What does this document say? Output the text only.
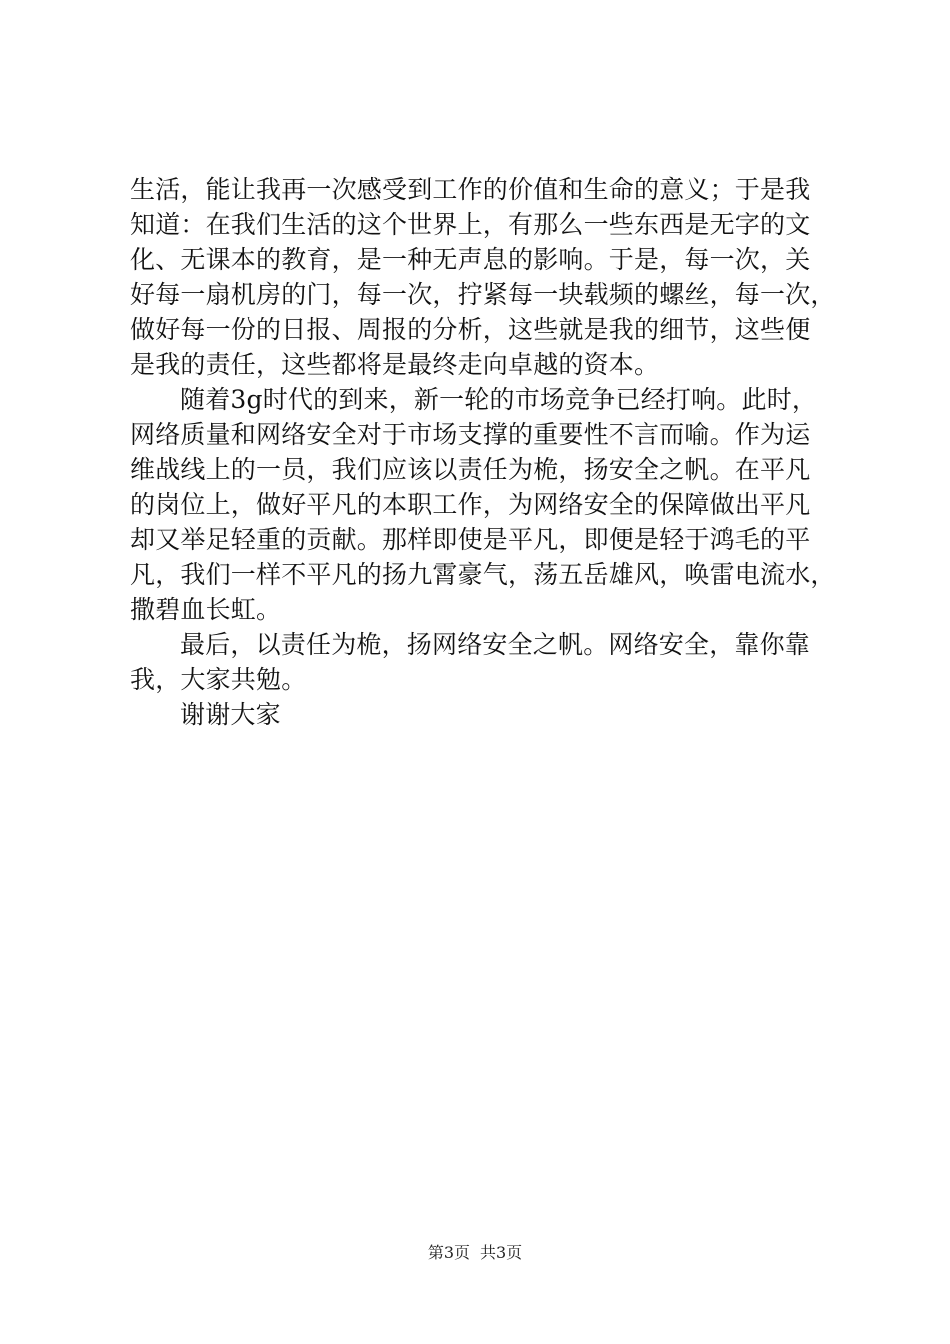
生活，能让我再一次感受到工作的价值和生命的意义；于是我
知道：在我们生活的这个世界上，有那么一些东西是无字的文
化、无课本的教育，是一种无声息的影响。于是，每一次，关
好每一扇机房的门，每一次，拧紧每一块载频的螺丝，每一次，
做好每一份的日报、周报的分析，这些就是我的细节，这些便
是我的责任，这些都将是最终走向卓越的资本。
随着3g时代的到来，新一轮的市场竞争已经打响。此时，
网络质量和网络安全对于市场支撑的重要性不言而喻。作为运
维战线上的一员，我们应该以责任为桅，扬安全之帆。在平凡
的岗位上，做好平凡的本职工作，为网络安全的保障做出平凡
却又举足轻重的贡献。那样即使是平凡，即便是轻于鸿毛的平
凡，我们一样不平凡的扬九霄豪气，荡五岳雄风，唤雷电流水，
撒碧血长虹。
最后，以责任为桅，扬网络安全之帆。网络安全，靠你靠
我，大家共勉。
谢谢大家
第3页 共3页
